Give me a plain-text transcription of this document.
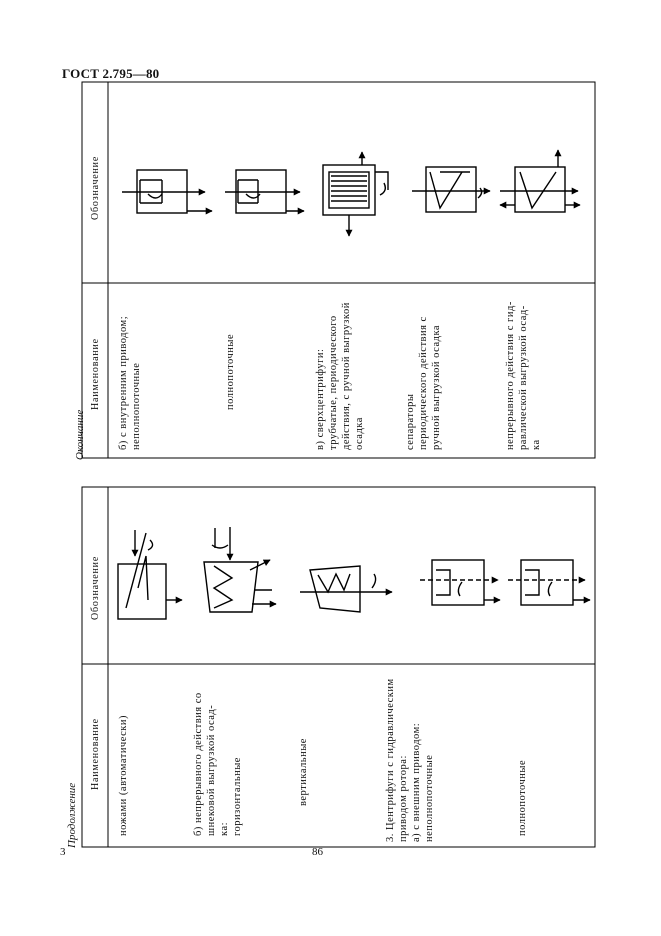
ГОСТ 2.795—80
3	86
Окончание
Наименование
Обозначение
б) с внутренним приводом; неполнопоточные	полнопоточные	в) сверхцентрифуги: трубчатые, периодического действия, с ручной выгрузкой осадка	сепараторы периодического действия с ручной выгрузкой осадка	непрерывного действия с гид- равлической выгрузкой осад- ка
Продолжение
Наименование
Обозначение
ножами (автоматически)	б) непрерывного действия со шнековой выгрузкой осад- ка: горизонтальные	вертикальные	3. Центрифуги с гидравлическим приводом ротора: а) с внешним приводом: неполнопоточные	полнопоточные
